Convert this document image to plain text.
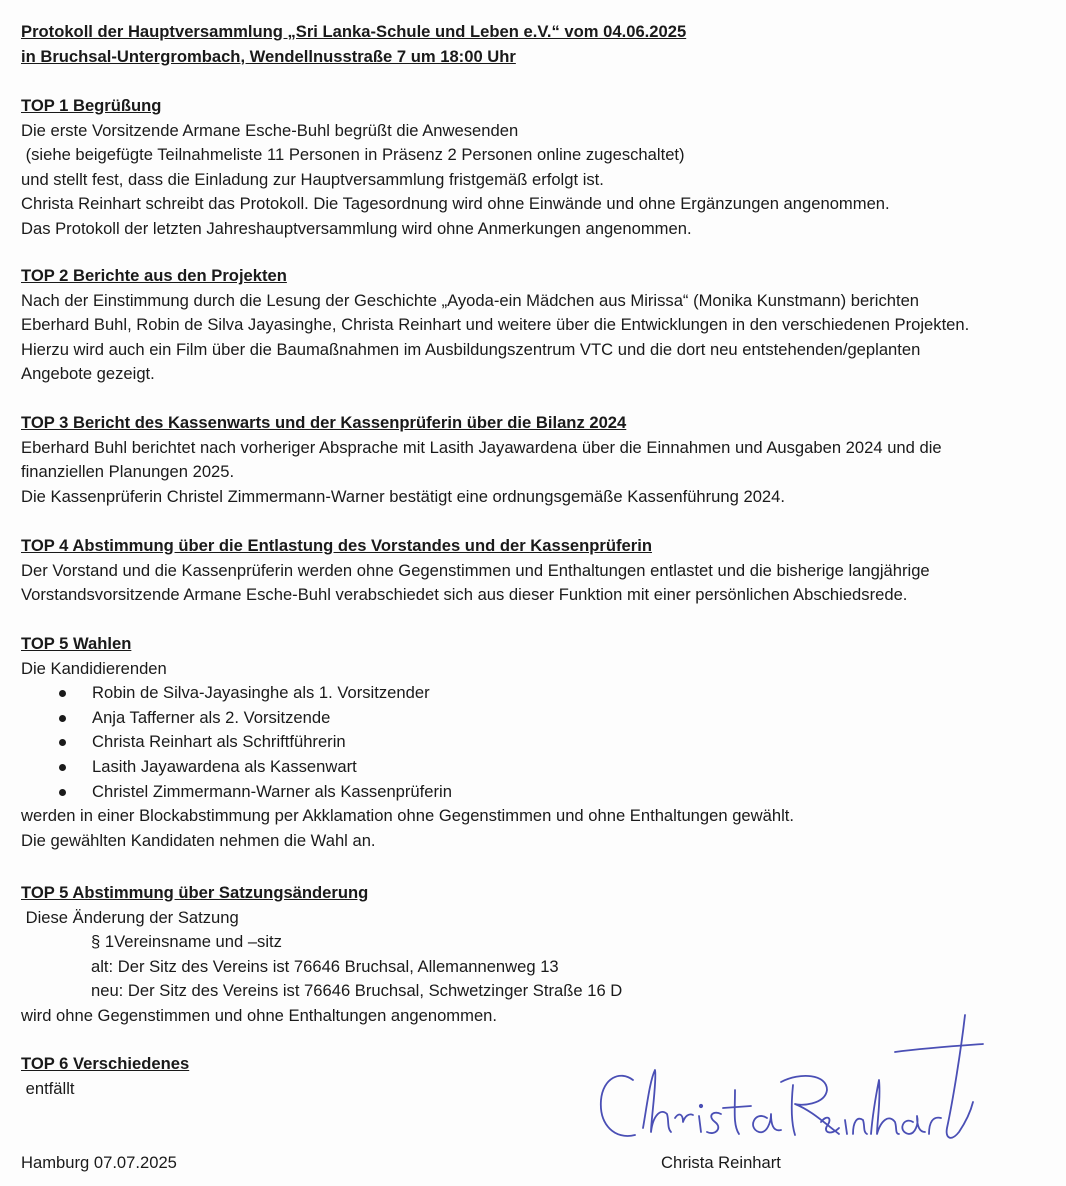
Protokoll der Hauptversammlung „Sri Lanka-Schule und Leben e.V.“ vom 04.06.2025
in Bruchsal-Untergrombach, Wendellnusstraße 7 um 18:00 Uhr
TOP 1 Begrüßung
Die erste Vorsitzende Armane Esche-Buhl begrüßt die Anwesenden
(siehe beigefügte Teilnahmeliste 11 Personen in Präsenz 2 Personen online zugeschaltet)
und stellt fest, dass die Einladung zur Hauptversammlung fristgemäß erfolgt ist.
Christa Reinhart schreibt das Protokoll. Die Tagesordnung wird ohne Einwände und ohne Ergänzungen angenommen.
Das Protokoll der letzten Jahreshauptversammlung wird ohne Anmerkungen angenommen.
TOP 2 Berichte aus den Projekten
Nach der Einstimmung durch die Lesung der Geschichte „Ayoda-ein Mädchen aus Mirissa“ (Monika Kunstmann) berichten
Eberhard Buhl, Robin de Silva Jayasinghe, Christa Reinhart und weitere über die Entwicklungen in den verschiedenen Projekten.
Hierzu wird auch ein Film über die Baumaßnahmen im Ausbildungszentrum VTC und die dort neu entstehenden/geplanten
Angebote gezeigt.
TOP 3 Bericht des Kassenwarts und der Kassenprüferin über die Bilanz 2024
Eberhard Buhl berichtet nach vorheriger Absprache mit Lasith Jayawardena über die Einnahmen und Ausgaben 2024 und die
finanziellen Planungen 2025.
Die Kassenprüferin Christel Zimmermann-Warner bestätigt eine ordnungsgemäße Kassenführung 2024.
TOP 4 Abstimmung über die Entlastung des Vorstandes und der Kassenprüferin
Der Vorstand und die Kassenprüferin werden ohne Gegenstimmen und Enthaltungen entlastet und die bisherige langjährige
Vorstandsvorsitzende Armane Esche-Buhl verabschiedet sich aus dieser Funktion mit einer persönlichen Abschiedsrede.
TOP 5 Wahlen
Die Kandidierenden
Robin de Silva-Jayasinghe als 1. Vorsitzender
Anja Tafferner als 2. Vorsitzende
Christa Reinhart als Schriftführerin
Lasith Jayawardena als Kassenwart
Christel Zimmermann-Warner als Kassenprüferin
werden in einer Blockabstimmung per Akklamation ohne Gegenstimmen und ohne Enthaltungen gewählt.
Die gewählten Kandidaten nehmen die Wahl an.
TOP 5 Abstimmung über Satzungsänderung
Diese Änderung der Satzung
§ 1Vereinsname und –sitz
alt: Der Sitz des Vereins ist 76646 Bruchsal, Allemannenweg 13
neu: Der Sitz des Vereins ist 76646 Bruchsal, Schwetzinger Straße 16 D
wird ohne Gegenstimmen und ohne Enthaltungen angenommen.
TOP 6 Verschiedenes
entfällt
Hamburg 07.07.2025	Christa Reinhart
